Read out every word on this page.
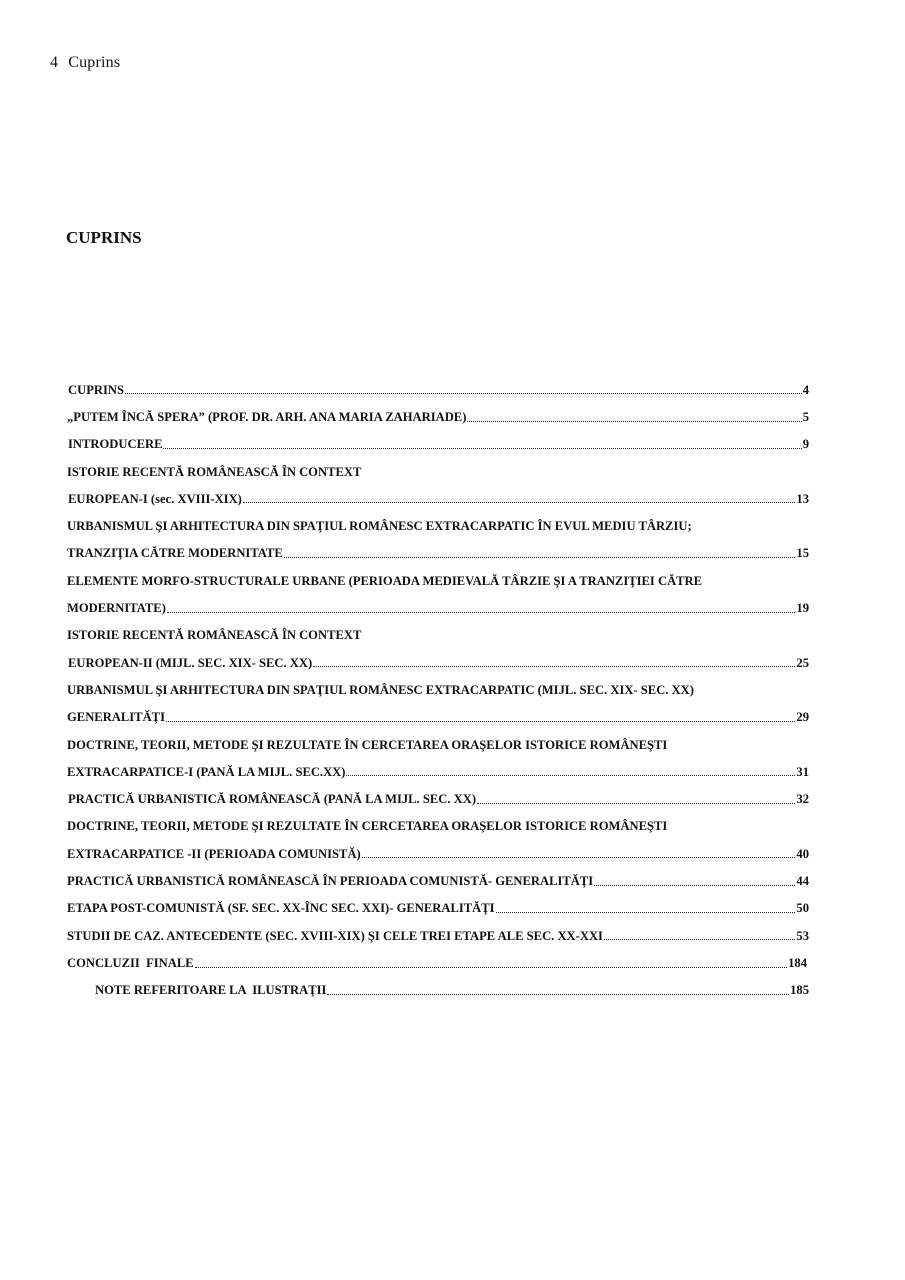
4 Cuprins
CUPRINS
CUPRINS	4
„PUTEM ÎNCĂ SPERA” (PROF. DR. ARH. ANA MARIA ZAHARIADE)	5
INTRODUCERE	9
ISTORIE RECENTĂ ROMÂNEASCĂ ÎN CONTEXT
EUROPEAN-I (sec. XVIII-XIX)	13
URBANISMUL ŞI ARHITECTURA DIN SPAŢIUL ROMÂNESC EXTRACARPATIC ÎN EVUL MEDIU TÂRZIU;
TRANZIŢIA CĂTRE MODERNITATE	15
ELEMENTE MORFO-STRUCTURALE URBANE (PERIOADA MEDIEVALĂ TÂRZIE ŞI A TRANZIŢIEI CĂTRE
MODERNITATE)	19
ISTORIE RECENTĂ ROMÂNEASCĂ ÎN CONTEXT
EUROPEAN-II (MIJL. SEC. XIX- SEC. XX)	25
URBANISMUL ŞI ARHITECTURA DIN SPAŢIUL ROMÂNESC EXTRACARPATIC (MIJL. SEC. XIX- SEC. XX)
GENERALITĂŢI	29
DOCTRINE, TEORII, METODE ŞI REZULTATE ÎN CERCETAREA ORAŞELOR ISTORICE ROMÂNEŞTI
EXTRACARPATICE-I (PANĂ LA MIJL. SEC.XX)	31
PRACTICĂ URBANISTICĂ ROMÂNEASCĂ (PANĂ LA MIJL. SEC. XX)	32
DOCTRINE, TEORII, METODE ŞI REZULTATE ÎN CERCETAREA ORAŞELOR ISTORICE ROMÂNEŞTI
EXTRACARPATICE -II (PERIOADA COMUNISTĂ)	40
PRACTICĂ URBANISTICĂ ROMÂNEASCĂ ÎN PERIOADA COMUNISTĂ- GENERALITĂŢI	44
ETAPA POST-COMUNISTĂ (SF. SEC. XX-ÎNC SEC. XXI)- GENERALITĂŢI	50
STUDII DE CAZ. ANTECEDENTE (SEC. XVIII-XIX) ŞI CELE TREI ETAPE ALE SEC. XX-XXI	53
CONCLUZII  FINALE	184
NOTE REFERITOARE LA  ILUSTRAŢII	185
